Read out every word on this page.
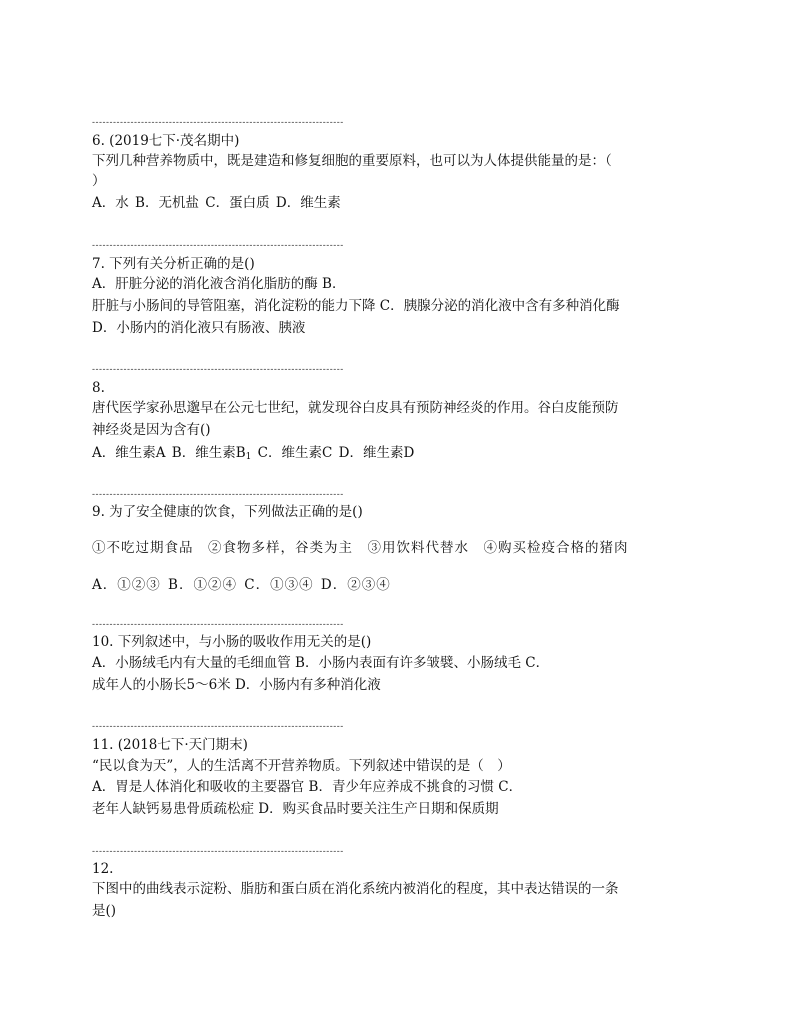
------------------------------------------------------------------------
6. (2019七下·茂名期中)
下列几种营养物质中，既是建造和修复细胞的重要原料，也可以为人体提供能量的是：（
）
A．水 B．无机盐 C．蛋白质 D．维生素
------------------------------------------------------------------------
7. 下列有关分析正确的是()
A．肝脏分泌的消化液含消化脂肪的酶 B．
肝脏与小肠间的导管阻塞，消化淀粉的能力下降 C．胰腺分泌的消化液中含有多种消化酶
D．小肠内的消化液只有肠液、胰液
------------------------------------------------------------------------
8.
唐代医学家孙思邈早在公元七世纪，就发现谷白皮具有预防神经炎的作用。谷白皮能预防
神经炎是因为含有()
A．维生素A B．维生素$B_1$ C．维生素C D．维生素D
------------------------------------------------------------------------
9. 为了安全健康的饮食，下列做法正确的是()
①不吃过期食品　②食物多样，谷类为主　③用饮料代替水　④购买检疫合格的猪肉
A．①②③ B．①②④ C．①③④ D．②③④
------------------------------------------------------------------------
10. 下列叙述中，与小肠的吸收作用无关的是()
A．小肠绒毛内有大量的毛细血管 B．小肠内表面有许多皱襞、小肠绒毛 C．
成年人的小肠长5～6米 D．小肠内有多种消化液
------------------------------------------------------------------------
11. (2018七下·天门期末)
“民以食为天”，人的生活离不开营养物质。下列叙述中错误的是（　）
A．胃是人体消化和吸收的主要器官 B．青少年应养成不挑食的习惯 C．
老年人缺钙易患骨质疏松症 D．购买食品时要关注生产日期和保质期
------------------------------------------------------------------------
12.
下图中的曲线表示淀粉、脂肪和蛋白质在消化系统内被消化的程度，其中表达错误的一条
是()
